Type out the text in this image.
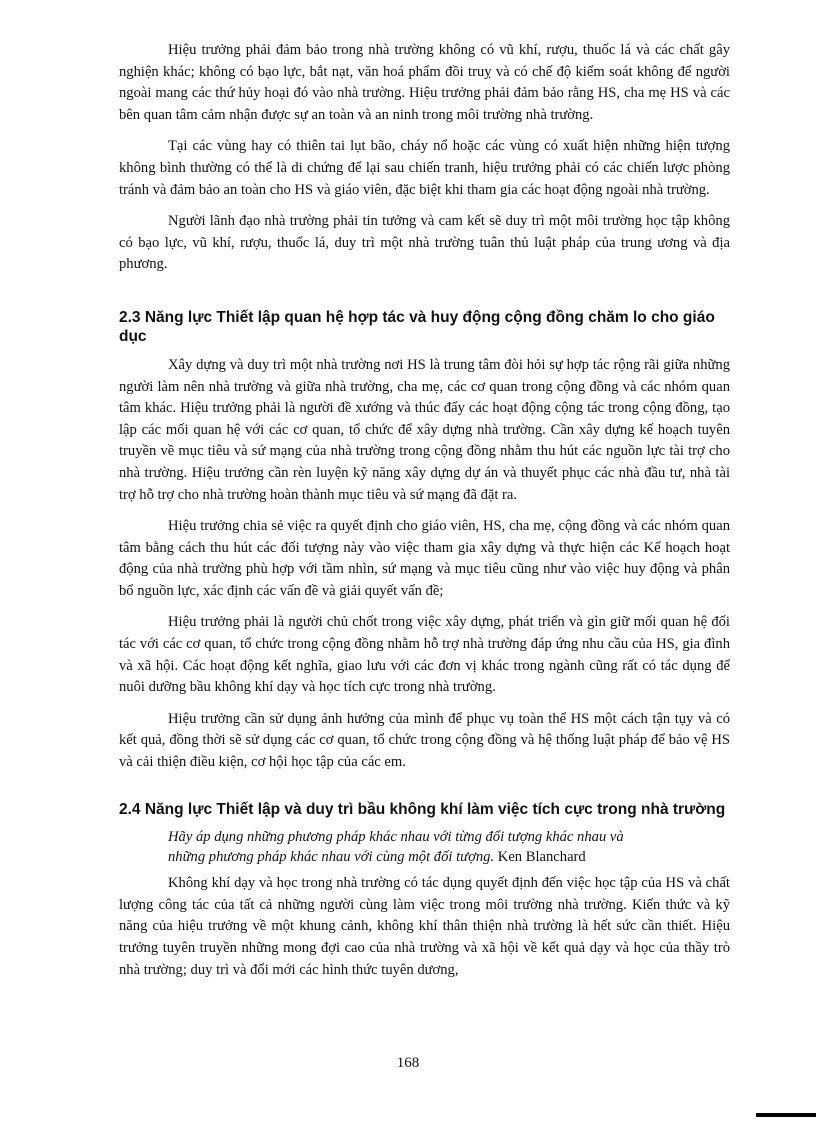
Hiệu trưởng phải đảm bảo trong nhà trường không có vũ khí, rượu, thuốc lá và các chất gây nghiện khác; không có bạo lực, bắt nạt, văn hoá phẩm đồi truỵ và có chế độ kiểm soát không để người ngoài mang các thứ hủy hoại đó vào nhà trường. Hiệu trưởng phải đảm bảo rằng HS, cha mẹ HS và các bên quan tâm cảm nhận được sự an toàn và an ninh trong môi trường nhà trường.

Tại các vùng hay có thiên tai lụt bão, cháy nổ hoặc các vùng có xuất hiện những hiện tượng không bình thường có thể là di chứng để lại sau chiến tranh, hiệu trưởng phải có các chiến lược phòng tránh và đảm bảo an toàn cho HS và giáo viên, đặc biệt khi tham gia các hoạt động ngoài nhà trường.

Người lãnh đạo nhà trường phải tin tưởng và cam kết sẽ duy trì một môi trường học tập không có bạo lực, vũ khí, rượu, thuốc lá, duy trì một nhà trường tuân thủ luật pháp của trung ương và địa phương.

2.3 Năng lực Thiết lập quan hệ hợp tác và huy động cộng đồng chăm lo cho giáo dục

Xây dựng và duy trì một nhà trường nơi HS là trung tâm đòi hỏi sự hợp tác rộng rãi giữa những người làm nên nhà trường và giữa nhà trường, cha mẹ, các cơ quan trong cộng đồng và các nhóm quan tâm khác. Hiệu trưởng phải là người đề xướng và thúc đẩy các hoạt động cộng tác trong cộng đồng, tạo lập các mối quan hệ với các cơ quan, tổ chức để xây dựng nhà trường. Cần xây dựng kế hoạch tuyên truyền về mục tiêu và sứ mạng của nhà trường trong cộng đồng nhằm thu hút các nguồn lực tài trợ cho nhà trường. Hiệu trưởng cần rèn luyện kỹ năng xây dựng dự án và thuyết phục các nhà đầu tư, nhà tài trợ hỗ trợ cho nhà trường hoàn thành mục tiêu và sứ mạng đã đặt ra.

Hiệu trưởng chia sẻ việc ra quyết định cho giáo viên, HS, cha mẹ, cộng đồng và các nhóm quan tâm bằng cách thu hút các đối tượng này vào việc tham gia xây dựng và thực hiện các Kế hoạch hoạt động của nhà trường phù hợp với tầm nhìn, sứ mạng và mục tiêu cũng như vào việc huy động và phân bổ nguồn lực, xác định các vấn đề và giải quyết vấn đề;

Hiệu trưởng phải là người chủ chốt trong việc xây dựng, phát triển và gìn giữ mối quan hệ đối tác với các cơ quan, tổ chức trong cộng đồng nhằm hỗ trợ nhà trường đáp ứng nhu cầu của HS, gia đình và xã hội. Các hoạt động kết nghĩa, giao lưu với các đơn vị khác trong ngành cũng rất có tác dụng để nuôi dưỡng bầu không khí dạy và học tích cực trong nhà trường.

Hiệu trưởng cần sử dụng ảnh hưởng của mình để phục vụ toàn thể HS một cách tận tụy và có kết quả, đồng thời sẽ sử dụng các cơ quan, tổ chức trong cộng đồng và hệ thống luật pháp để bảo vệ HS và cải thiện điều kiện, cơ hội học tập của các em.

2.4 Năng lực Thiết lập và duy trì bầu không khí làm việc tích cực trong nhà trường
Hãy áp dụng những phương pháp khác nhau với từng đối tượng khác nhau và
những phương pháp khác nhau với cùng một đối tượng. Ken Blanchard

Không khí dạy và học trong nhà trường có tác dụng quyết định đến việc học tập của HS và chất lượng công tác của tất cả những người cùng làm việc trong môi trường nhà trường. Kiến thức và kỹ năng của hiệu trưởng về một khung cảnh, không khí thân thiện nhà trường là hết sức cần thiết. Hiệu trưởng tuyên truyền những mong đợi cao của nhà trường và xã hội về kết quả dạy và học của thầy trò nhà trường; duy trì và đổi mới các hình thức tuyên dương,

168
